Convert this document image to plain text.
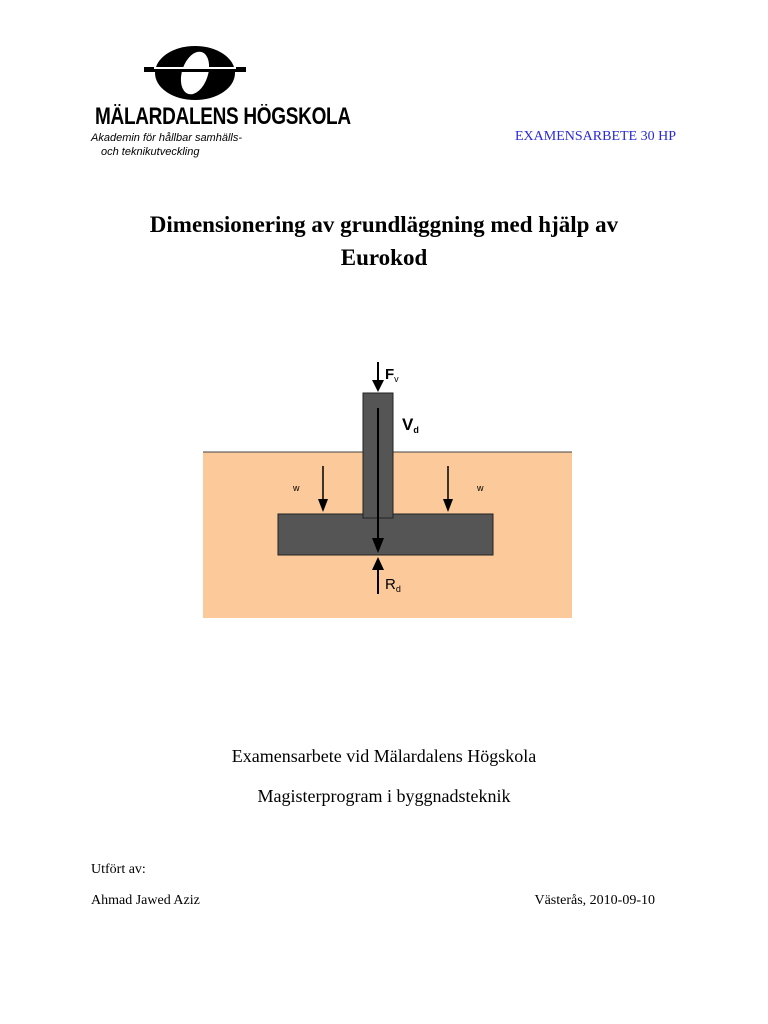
MÄLARDALENS HÖGSKOLA
Akademin för hållbar samhälls-
och teknikutveckling
EXAMENSARBETE 30 HP
Dimensionering av grundläggning med hjälp av
Eurokod
$F_v$
Vd
$R_d$
w	w
Examensarbete vid Mälardalens Högskola
Magisterprogram i byggnadsteknik
Utfört av:
Ahmad Jawed Aziz	Västerås, 2010-09-10
